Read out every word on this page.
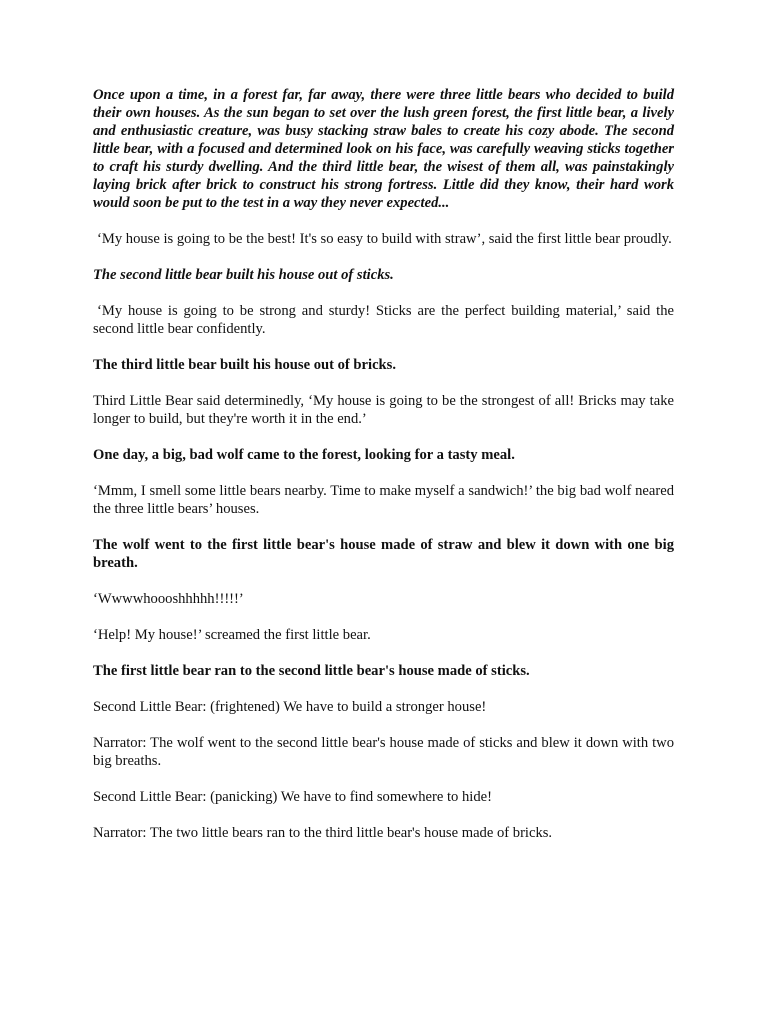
Once upon a time, in a forest far, far away, there were three little bears who decided to build their own houses. As the sun began to set over the lush green forest, the first little bear, a lively and enthusiastic creature, was busy stacking straw bales to create his cozy abode. The second little bear, with a focused and determined look on his face, was carefully weaving sticks together to craft his sturdy dwelling. And the third little bear, the wisest of them all, was painstakingly laying brick after brick to construct his strong fortress. Little did they know, their hard work would soon be put to the test in a way they never expected...

‘My house is going to be the best! It's so easy to build with straw’, said the first little bear proudly.

The second little bear built his house out of sticks.

‘My house is going to be strong and sturdy! Sticks are the perfect building material,’ said the second little bear confidently.

The third little bear built his house out of bricks.

Third Little Bear said determinedly, ‘My house is going to be the strongest of all! Bricks may take longer to build, but they're worth it in the end.’

One day, a big, bad wolf came to the forest, looking for a tasty meal.

‘Mmm, I smell some little bears nearby. Time to make myself a sandwich!’ the big bad wolf neared the three little bears’ houses.

The wolf went to the first little bear's house made of straw and blew it down with one big breath.

‘Wwwwhoooshhhhh!!!!!’

‘Help! My house!’ screamed the first little bear.

The first little bear ran to the second little bear's house made of sticks.

Second Little Bear: (frightened) We have to build a stronger house!

Narrator: The wolf went to the second little bear's house made of sticks and blew it down with two big breaths.

Second Little Bear: (panicking) We have to find somewhere to hide!

Narrator: The two little bears ran to the third little bear's house made of bricks.
